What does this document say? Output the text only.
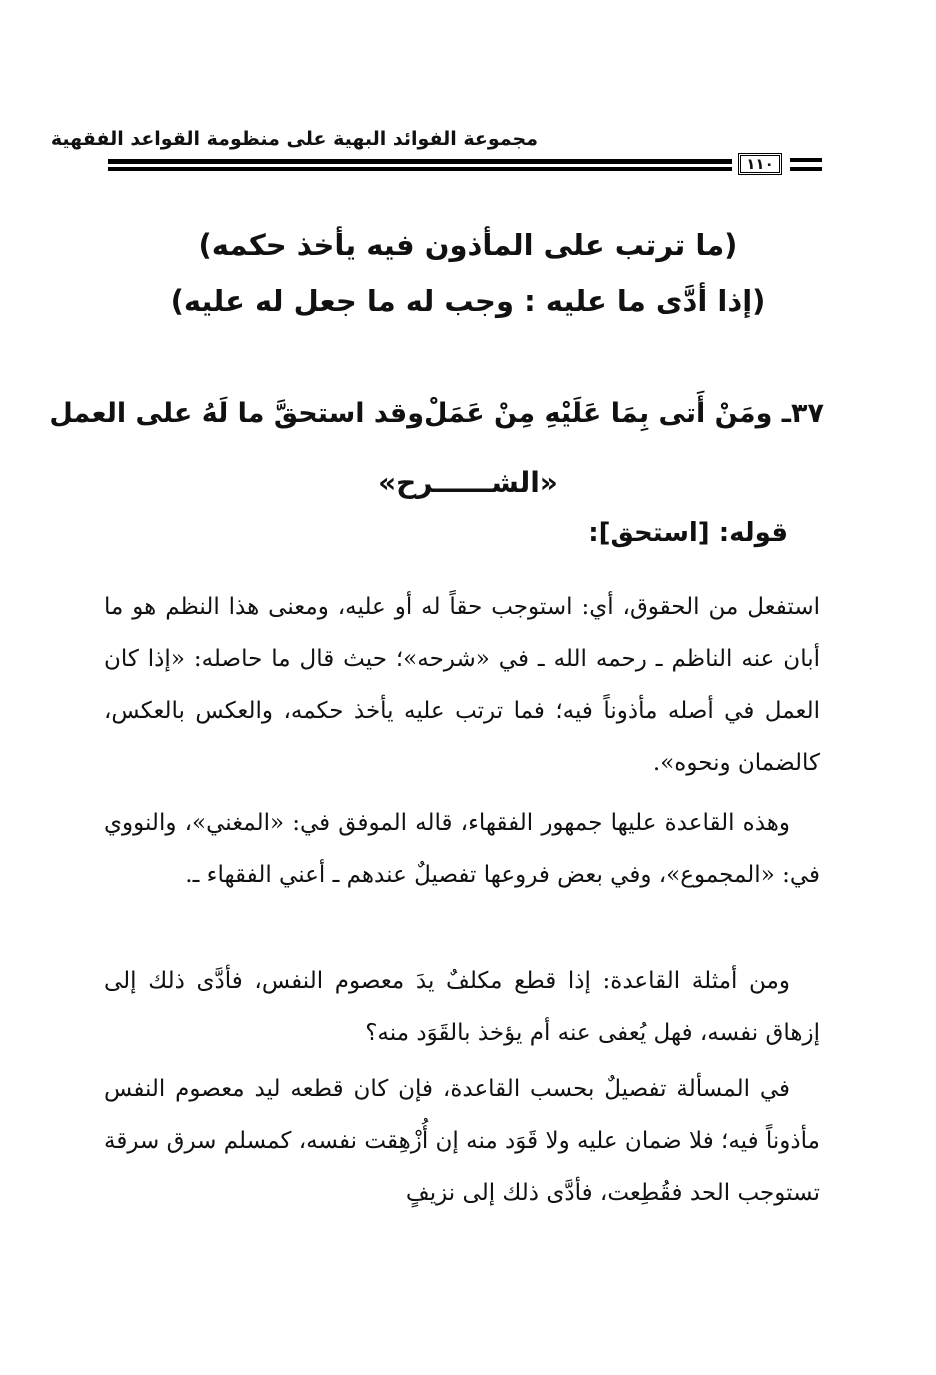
مجموعة الفوائد البهية على منظومة القواعد الفقهية
١١٠
(ما ترتب على المأذون فيه يأخذ حكمه)
(إذا أدَّى ما عليه : وجب له ما جعل له عليه)
٣٧ـ ومَنْ أَتى بِمَا عَلَيْهِ مِنْ عَمَلْ
وقد استحقَّ ما لَهُ على العمل
«الشــــــرح»
قوله: [استحق]:

استفعل من الحقوق، أي: استوجب حقاً له أو عليه، ومعنى هذا النظم هو ما أبان عنه الناظم ـ رحمه الله ـ في «شرحه»؛ حيث قال ما حاصله: «إذا كان العمل في أصله مأذوناً فيه؛ فما ترتب عليه يأخذ حكمه، والعكس بالعكس، كالضمان ونحوه».

وهذه القاعدة عليها جمهور الفقهاء، قاله الموفق في: «المغني»، والنووي في: «المجموع»، وفي بعض فروعها تفصيلٌ عندهم ـ أعني الفقهاء ـ.

ومن أمثلة القاعدة: إذا قطع مكلفٌ يدَ معصوم النفس، فأدَّى ذلك إلى إزهاق نفسه، فهل يُعفى عنه أم يؤخذ بالقَوَد منه؟

في المسألة تفصيلٌ بحسب القاعدة، فإن كان قطعه ليد معصوم النفس مأذوناً فيه؛ فلا ضمان عليه ولا قَوَد منه إن أُزْهِقت نفسه، كمسلم سرق سرقة تستوجب الحد فقُطِعت، فأدَّى ذلك إلى نزيفٍ
